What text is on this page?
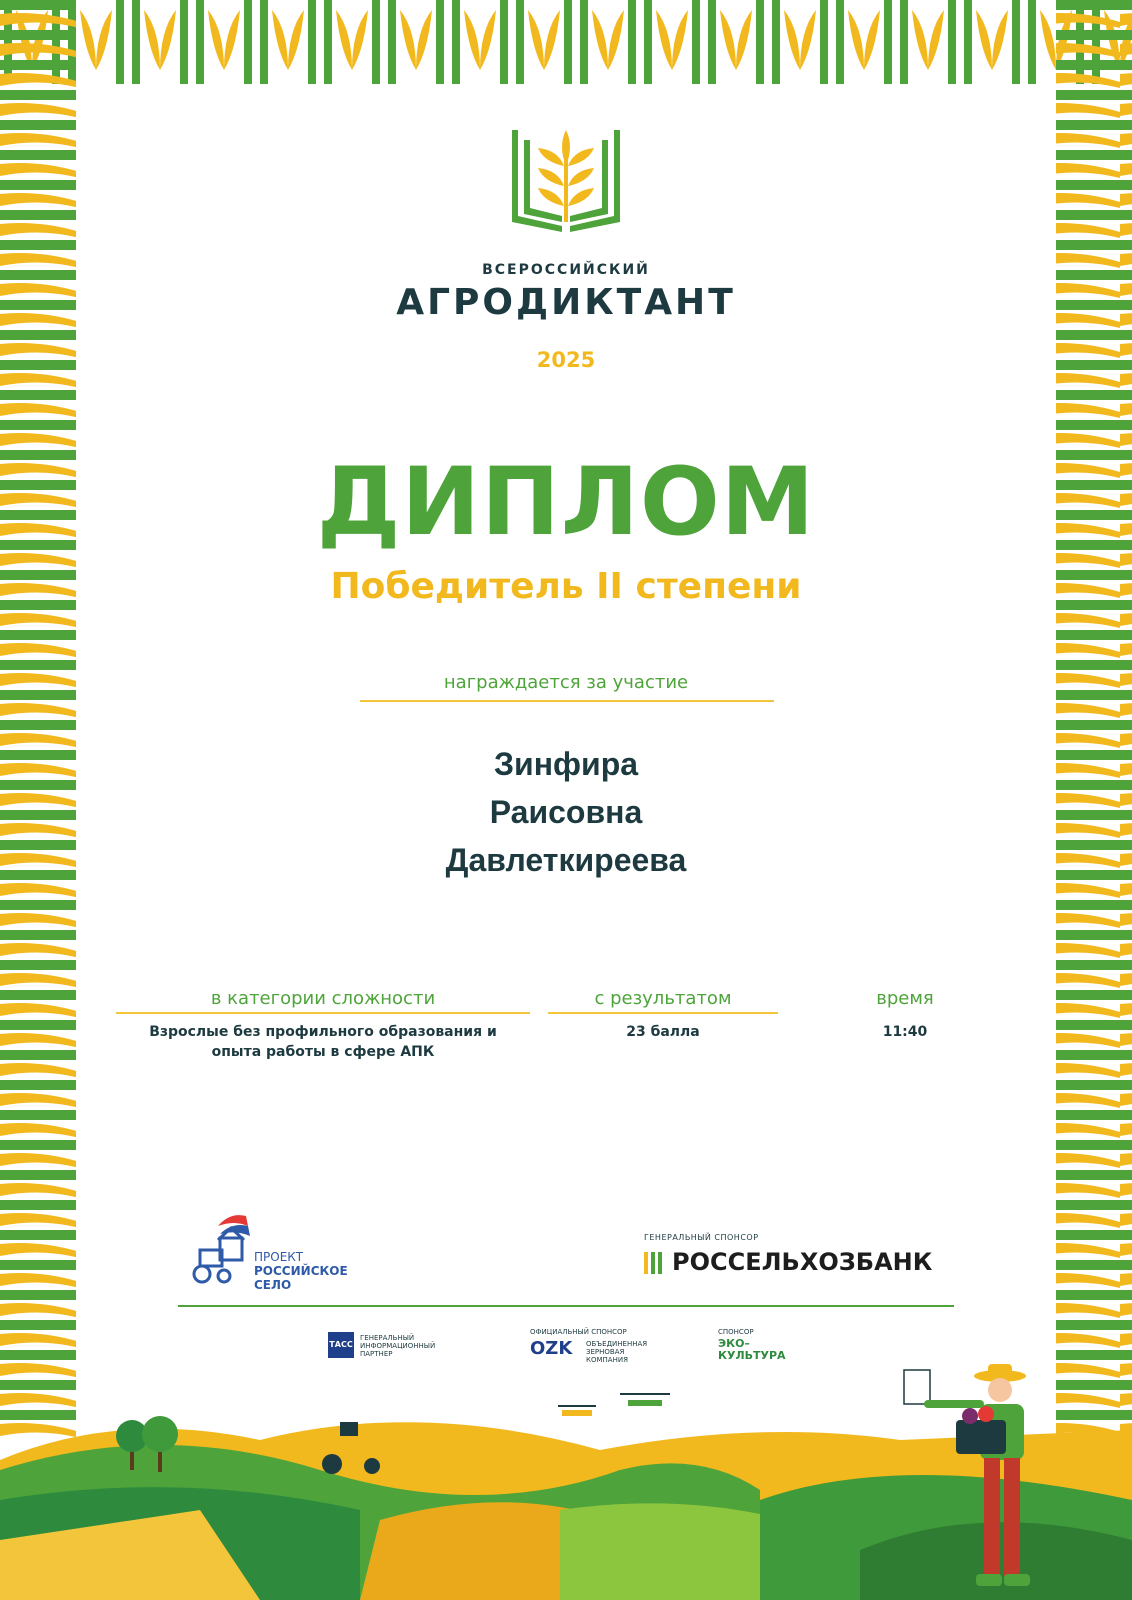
ВСЕРОССИЙСКИЙ
АГРОДИКТАНТ
2025
ДИПЛОМ
Победитель II степени
награждается за участие
Зинфира
Раисовна
Давлеткиреева
в категории сложности
Взрослые без профильного образования и
опыта работы в сфере АПК
с результатом
23 балла
время
11:40
ПРОЕКТ
РОССИЙСКОЕ
СЕЛО
ГЕНЕРАЛЬНЫЙ СПОНСОР
РОССЕЛЬХОЗБАНК
ТАСС
ГЕНЕРАЛЬНЫЙ
ИНФОРМАЦИОННЫЙ
ПАРТНЕР
ОФИЦИАЛЬНЫЙ СПОНСОР
OZK ОБЪЕДИНЕННАЯ
ЗЕРНОВАЯ
КОМПАНИЯ
СПОНСОР
ЭКО–
КУЛЬТУРА
